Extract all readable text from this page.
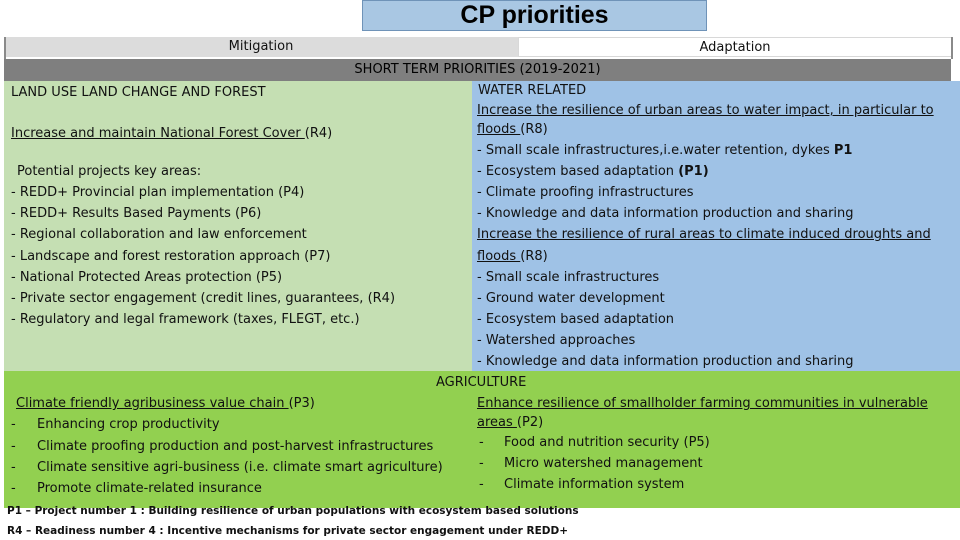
CP priorities
Mitigation	Adaptation
SHORT TERM PRIORITIES (2019-2021)
LAND USE LAND CHANGE AND FOREST
Increase and maintain National Forest Cover (R4)
Potential projects key areas:
- REDD+ Provincial plan implementation (P4)
- REDD+ Results Based Payments (P6)
- Regional collaboration and law enforcement
- Landscape and forest restoration approach (P7)
- National Protected Areas protection (P5)
- Private sector engagement (credit lines, guarantees, (R4)
- Regulatory and legal framework (taxes, FLEGT, etc.)
WATER RELATED
Increase the resilience of urban areas to water impact, in particular to
floods (R8)
- Small scale infrastructures,i.e.water retention, dykes P1
- Ecosystem based adaptation (P1)
- Climate proofing infrastructures
- Knowledge and data information production and sharing
Increase the resilience of rural areas to climate induced droughts and
floods (R8)
- Small scale infrastructures
- Ground water development
- Ecosystem based adaptation
- Watershed approaches
- Knowledge and data information production and sharing
AGRICULTURE
Climate friendly agribusiness value chain (P3)
- Enhancing crop productivity
- Climate proofing production and post-harvest infrastructures
- Climate sensitive agri-business (i.e. climate smart agriculture)
- Promote climate-related insurance
Enhance resilience of smallholder farming communities in vulnerable
areas (P2)
- Food and nutrition security (P5)
- Micro watershed management
- Climate information system
P1 – Project number 1 : Building resilience of urban populations with ecosystem based solutions
R4 – Readiness number 4 : Incentive mechanisms for private sector engagement under REDD+
